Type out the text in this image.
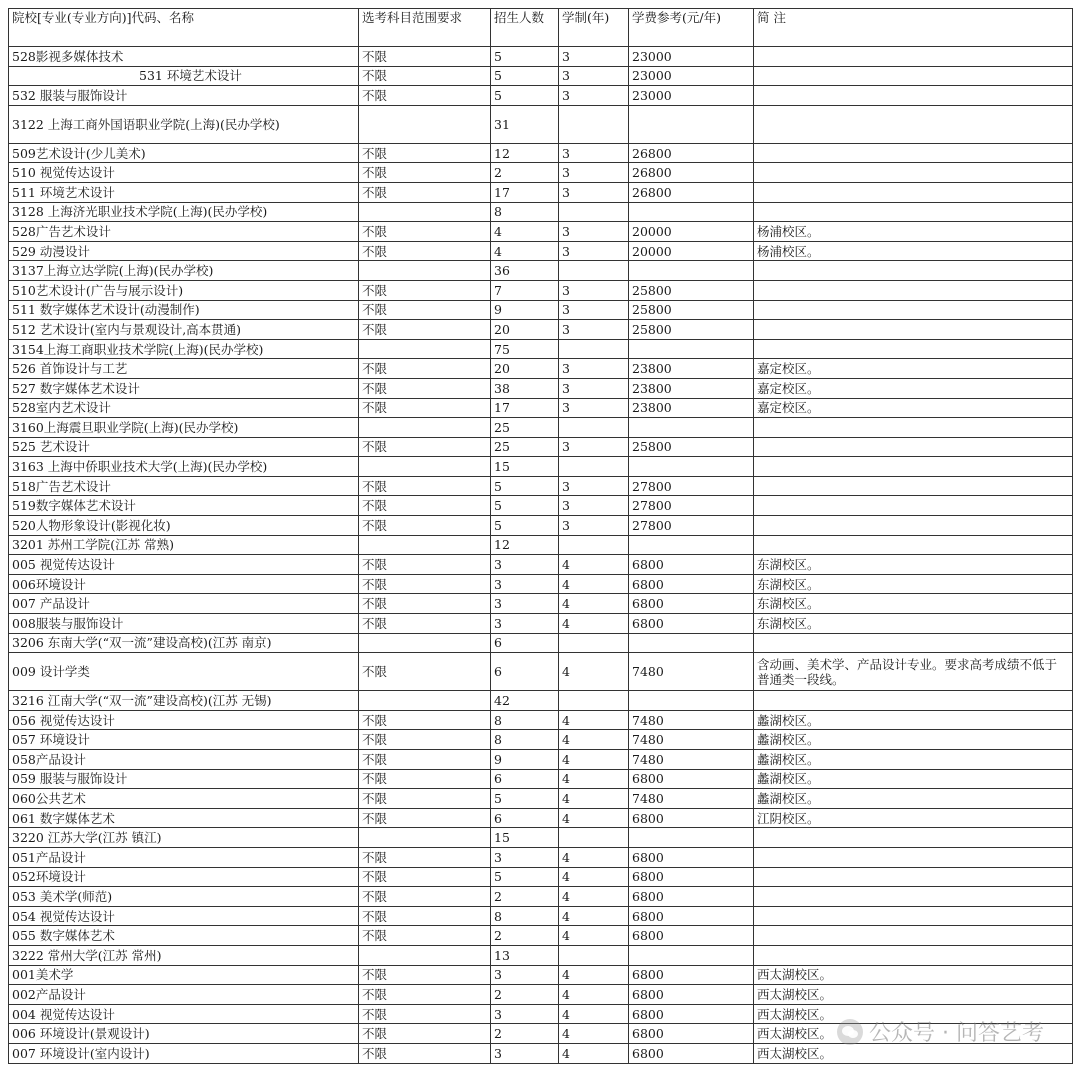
院校[专业(专业方向)]代码、名称	选考科目范围要求	招生人数	学制(年)	学费参考(元/年)	简 注
528影视多媒体技术	不限	5	3	23000	
531 环境艺术设计	不限	5	3	23000	
532 服装与服饰设计	不限	5	3	23000	
3122 上海工商外国语职业学院(上海)(民办学校)		31			
509艺术设计(少儿美术)	不限	12	3	26800	
510 视觉传达设计	不限	2	3	26800	
511 环境艺术设计	不限	17	3	26800	
3128 上海济光职业技术学院(上海)(民办学校)		8			
528广告艺术设计	不限	4	3	20000	杨浦校区。
529 动漫设计	不限	4	3	20000	杨浦校区。
3137上海立达学院(上海)(民办学校)		36			
510艺术设计(广告与展示设计)	不限	7	3	25800	
511 数字媒体艺术设计(动漫制作)	不限	9	3	25800	
512 艺术设计(室内与景观设计,高本贯通)	不限	20	3	25800	
3154上海工商职业技术学院(上海)(民办学校)		75			
526 首饰设计与工艺	不限	20	3	23800	嘉定校区。
527 数字媒体艺术设计	不限	38	3	23800	嘉定校区。
528室内艺术设计	不限	17	3	23800	嘉定校区。
3160上海震旦职业学院(上海)(民办学校)		25			
525 艺术设计	不限	25	3	25800	
3163 上海中侨职业技术大学(上海)(民办学校)		15			
518广告艺术设计	不限	5	3	27800	
519数字媒体艺术设计	不限	5	3	27800	
520人物形象设计(影视化妆)	不限	5	3	27800	
3201 苏州工学院(江苏 常熟)		12			
005 视觉传达设计	不限	3	4	6800	东湖校区。
006环境设计	不限	3	4	6800	东湖校区。
007 产品设计	不限	3	4	6800	东湖校区。
008服装与服饰设计	不限	3	4	6800	东湖校区。
3206 东南大学(“双一流”建设高校)(江苏 南京)		6			
009 设计学类	不限	6	4	7480	含动画、美术学、产品设计专业。要求高考成绩不低于普通类一段线。
3216 江南大学(“双一流”建设高校)(江苏 无锡)		42			
056 视觉传达设计	不限	8	4	7480	蠡湖校区。
057 环境设计	不限	8	4	7480	蠡湖校区。
058产品设计	不限	9	4	7480	蠡湖校区。
059 服装与服饰设计	不限	6	4	6800	蠡湖校区。
060公共艺术	不限	5	4	7480	蠡湖校区。
061 数字媒体艺术	不限	6	4	6800	江阴校区。
3220 江苏大学(江苏 镇江)		15			
051产品设计	不限	3	4	6800	
052环境设计	不限	5	4	6800	
053 美术学(师范)	不限	2	4	6800	
054 视觉传达设计	不限	8	4	6800	
055 数字媒体艺术	不限	2	4	6800	
3222 常州大学(江苏 常州)		13			
001美术学	不限	3	4	6800	西太湖校区。
002产品设计	不限	2	4	6800	西太湖校区。
004 视觉传达设计	不限	3	4	6800	西太湖校区。
006 环境设计(景观设计)	不限	2	4	6800	西太湖校区。
007 环境设计(室内设计)	不限	3	4	6800	西太湖校区。
公众号 · 问答艺考
